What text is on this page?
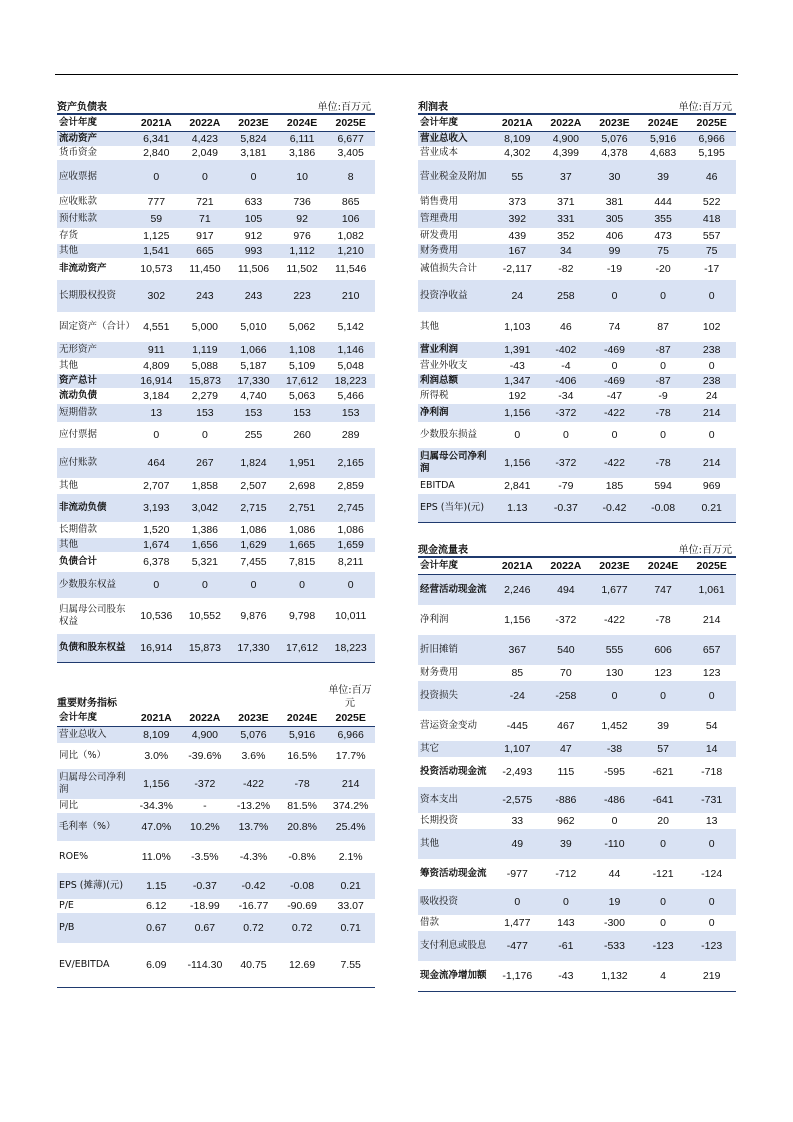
资产负债表	单位:百万元
会计年度	2021A	2022A	2023E	2024E	2025E
流动资产	6,341	4,423	5,824	6,111	6,677
货币资金	2,840	2,049	3,181	3,186	3,405
应收票据	0	0	0	10	8
应收账款	777	721	633	736	865
预付账款	59	71	105	92	106
存货	1,125	917	912	976	1,082
其他	1,541	665	993	1,112	1,210
非流动资产	10,573	11,450	11,506	11,502	11,546
长期股权投资	302	243	243	223	210
固定资产（合计） 4,551	5,000	5,010	5,062	5,142
无形资产	911	1,119	1,066	1,108	1,146
其他	4,809	5,088	5,187	5,109	5,048
资产总计	16,914	15,873	17,330	17,612	18,223
流动负债	3,184	2,279	4,740	5,063	5,466
短期借款	13	153	153	153	153
应付票据	0	0	255	260	289
应付账款	464	267	1,824	1,951	2,165
其他	2,707	1,858	2,507	2,698	2,859
非流动负债	3,193	3,042	2,715	2,751	2,745
长期借款	1,520	1,386	1,086	1,086	1,086
其他	1,674	1,656	1,629	1,665	1,659
负债合计	6,378	5,321	7,455	7,815	8,211
少数股东权益	0	0	0	0	0
归属母公司股东权益	10,536	10,552	9,876	9,798	10,011
负债和股东权益	16,914	15,873	17,330	17,612	18,223
利润表	单位:百万元
会计年度	2021A	2022A	2023E	2024E	2025E
营业总收入	8,109	4,900	5,076	5,916	6,966
营业成本	4,302	4,399	4,378	4,683	5,195
营业税金及附加	55	37	30	39	46
销售费用	373	371	381	444	522
管理费用	392	331	305	355	418
研发费用	439	352	406	473	557
财务费用	167	34	99	75	75
减值损失合计	-2,117	-82	-19	-20	-17
投资净收益	24	258	0	0	0
其他	1,103	46	74	87	102
营业利润	1,391	-402	-469	-87	238
营业外收支	-43	-4	0	0	0
利润总额	1,347	-406	-469	-87	238
所得税	192	-34	-47	-9	24
净利润	1,156	-372	-422	-78	214
少数股东损益	0	0	0	0	0
归属母公司净利润	1,156	-372	-422	-78	214
EBITDA	2,841	-79	185	594	969
EPS (当年)(元)	1.13	-0.37	-0.42	-0.08	0.21
现金流量表	单位:百万元
会计年度	2021A	2022A	2023E	2024E	2025E
经营活动现金流	2,246	494	1,677	747	1,061
净利润	1,156	-372	-422	-78	214
折旧摊销	367	540	555	606	657
财务费用	85	70	130	123	123
投资损失	-24	-258	0	0	0
营运资金变动	-445	467	1,452	39	54
其它	1,107	47	-38	57	14
投资活动现金流	-2,493	115	-595	-621	-718
资本支出	-2,575	-886	-486	-641	-731
长期投资	33	962	0	20	13
其他	49	39	-110	0	0
筹资活动现金流	-977	-712	44	-121	-124
吸收投资	0	0	19	0	0
借款	1,477	143	-300	0	0
支付利息或股息	-477	-61	-533	-123	-123
现金流净增加额	-1,176	-43	1,132	4	219
重要财务指标
单位:百万元
会计年度	2021A	2022A	2023E	2024E	2025E
营业总收入	8,109	4,900	5,076	5,916	6,966
同比（%）	3.0%	-39.6%	3.6%	16.5%	17.7%
归属母公司净利润	1,156	-372	-422	-78	214
同比	-34.3%	-	-13.2%	81.5%	374.2%
毛利率（%）	47.0%	10.2%	13.7%	20.8%	25.4%
ROE%	11.0%	-3.5%	-4.3%	-0.8%	2.1%
EPS (摊薄)(元)	1.15	-0.37	-0.42	-0.08	0.21
P/E	6.12	-18.99	-16.77	-90.69	33.07
P/B	0.67	0.67	0.72	0.72	0.71
EV/EBITDA	6.09	-114.30	40.75	12.69	7.55
